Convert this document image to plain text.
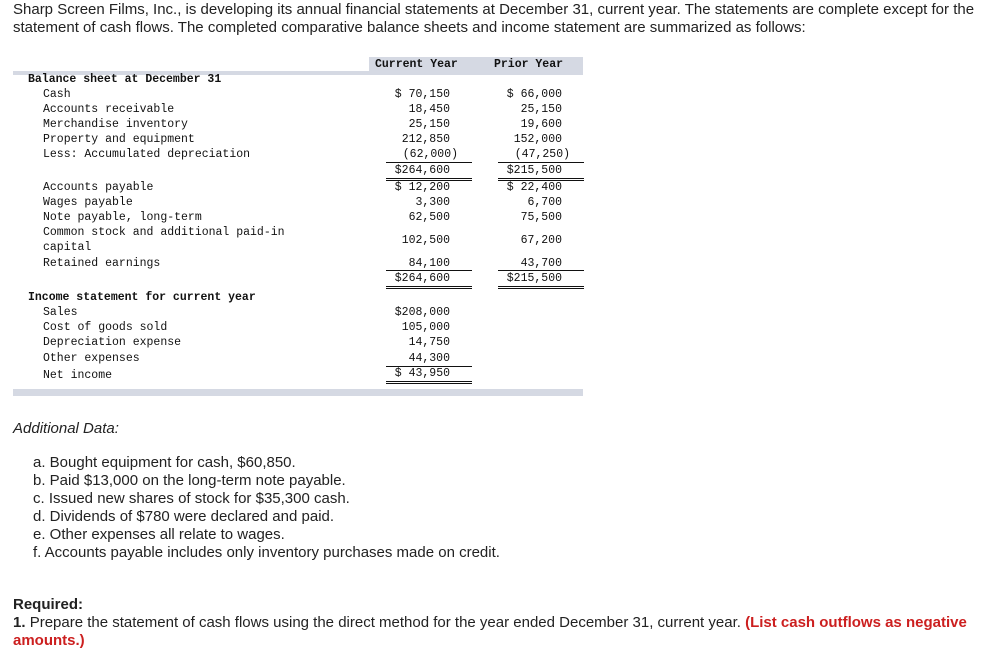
Sharp Screen Films, Inc., is developing its annual financial statements at December 31, current year. The statements are complete except for the statement of cash flows. The completed comparative balance sheets and income statement are summarized as follows:
Current Year	Prior Year
Balance sheet at December 31
Cash	$ 70,150	$ 66,000
Accounts receivable	18,450	25,150
Merchandise inventory	25,150	19,600
Property and equipment	212,850	152,000
Less: Accumulated depreciation	(62,000)	(47,250)
$264,600	$215,500
Accounts payable	$ 12,200	$ 22,400
Wages payable	3,300	6,700
Note payable, long-term	62,500	75,500
Common stock and additional paid-in
capital
102,500	67,200
Retained earnings	84,100	43,700
$264,600	$215,500
Income statement for current year
Sales	$208,000
Cost of goods sold	105,000
Depreciation expense	14,750
Other expenses	44,300
Net income	$ 43,950
Additional Data:
a. Bought equipment for cash, $60,850.
b. Paid $13,000 on the long-term note payable.
c. Issued new shares of stock for $35,300 cash.
d. Dividends of $780 were declared and paid.
e. Other expenses all relate to wages.
f. Accounts payable includes only inventory purchases made on credit.
Required:
1. Prepare the statement of cash flows using the direct method for the year ended December 31, current year. (List cash outflows as negative amounts.)
